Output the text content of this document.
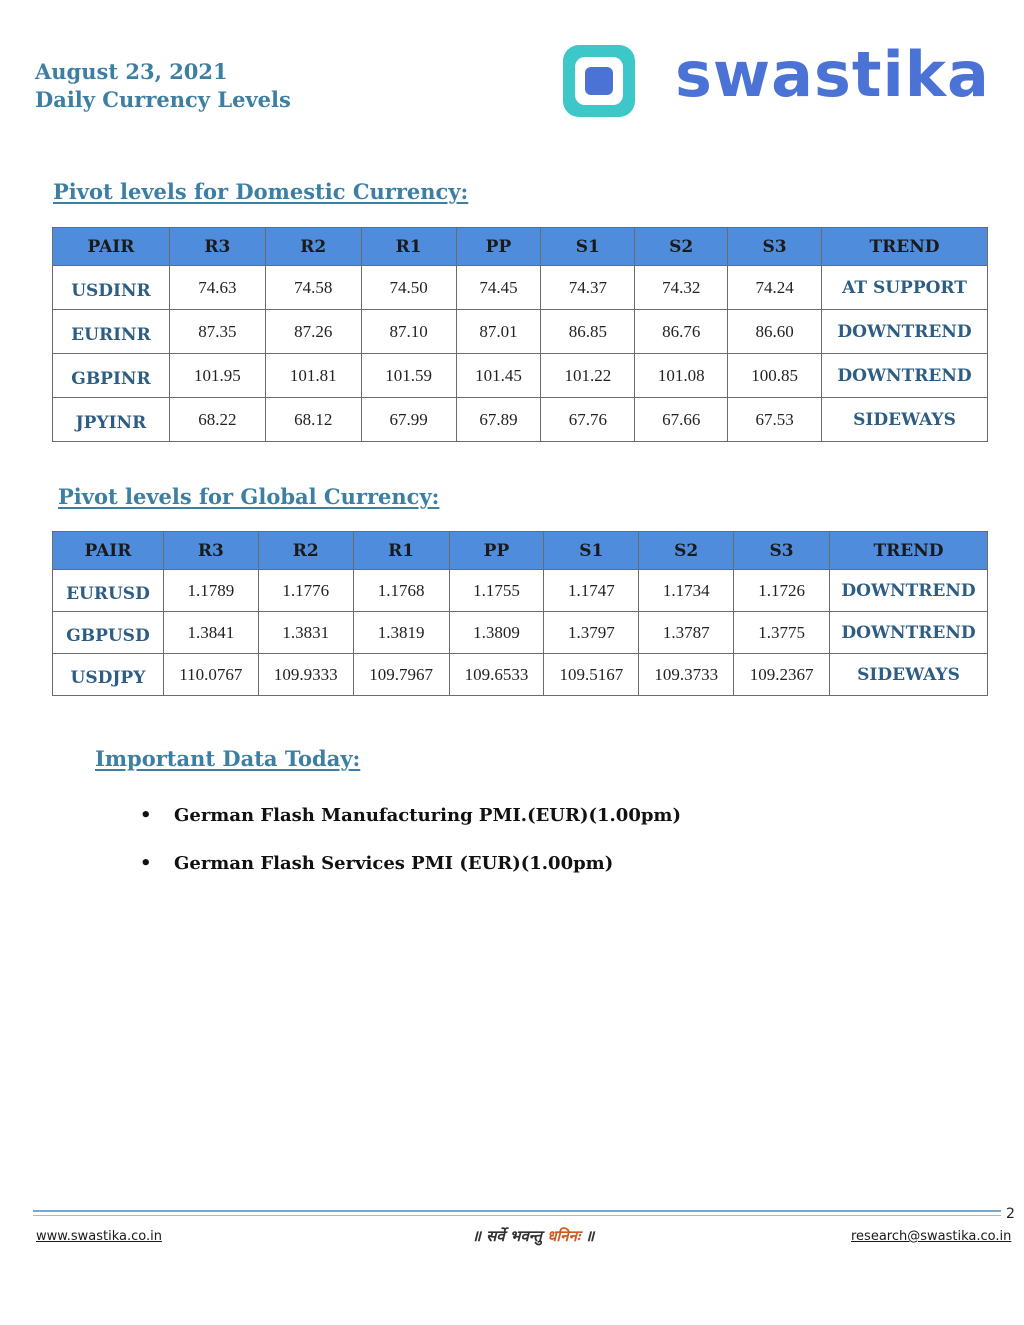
August 23, 2021
Daily Currency Levels	swastika
Pivot levels for Domestic Currency:
PAIR	R3	R2	R1	PP	S1	S2	S3	TREND
USDINR	74.63	74.58	74.50	74.45	74.37	74.32	74.24	AT SUPPORT
EURINR	87.35	87.26	87.10	87.01	86.85	86.76	86.60	DOWNTREND
GBPINR	101.95	101.81	101.59	101.45	101.22	101.08	100.85	DOWNTREND
JPYINR	68.22	68.12	67.99	67.89	67.76	67.66	67.53	SIDEWAYS
Pivot levels for Global Currency:
PAIR	R3	R2	R1	PP	S1	S2	S3	TREND
EURUSD	1.1789	1.1776	1.1768	1.1755	1.1747	1.1734	1.1726	DOWNTREND
GBPUSD	1.3841	1.3831	1.3819	1.3809	1.3797	1.3787	1.3775	DOWNTREND
USDJPY	110.0767	109.9333	109.7967	109.6533	109.5167	109.3733	109.2367	SIDEWAYS
Important Data Today:
• German Flash Manufacturing PMI.(EUR)(1.00pm)
• German Flash Services PMI (EUR)(1.00pm)
2
www.swastika.co.in	॥ सर्वे भवन्तु धनिनः ॥	research@swastika.co.in
